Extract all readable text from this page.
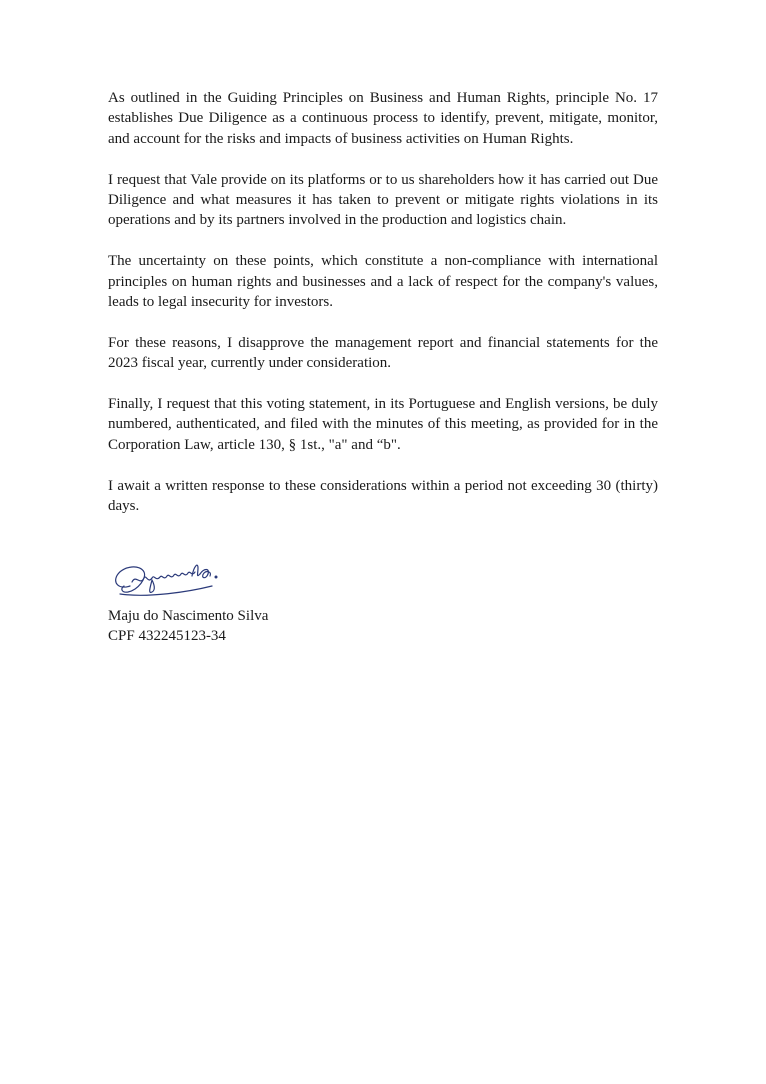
As outlined in the Guiding Principles on Business and Human Rights, principle No. 17 establishes Due Diligence as a continuous process to identify, prevent, mitigate, monitor, and account for the risks and impacts of business activities on Human Rights.

I request that Vale provide on its platforms or to us shareholders how it has carried out Due Diligence and what measures it has taken to prevent or mitigate rights violations in its operations and by its partners involved in the production and logistics chain.

The uncertainty on these points, which constitute a non-compliance with international principles on human rights and businesses and a lack of respect for the company's values, leads to legal insecurity for investors.

For these reasons, I disapprove the management report and financial statements for the 2023 fiscal year, currently under consideration.

Finally, I request that this voting statement, in its Portuguese and English versions, be duly numbered, authenticated, and filed with the minutes of this meeting, as provided for in the Corporation Law, article 130, § 1st., "a" and “b".

I await a written response to these considerations within a period not exceeding 30 (thirty) days.

Maju do Nascimento Silva
CPF 432245123-34
